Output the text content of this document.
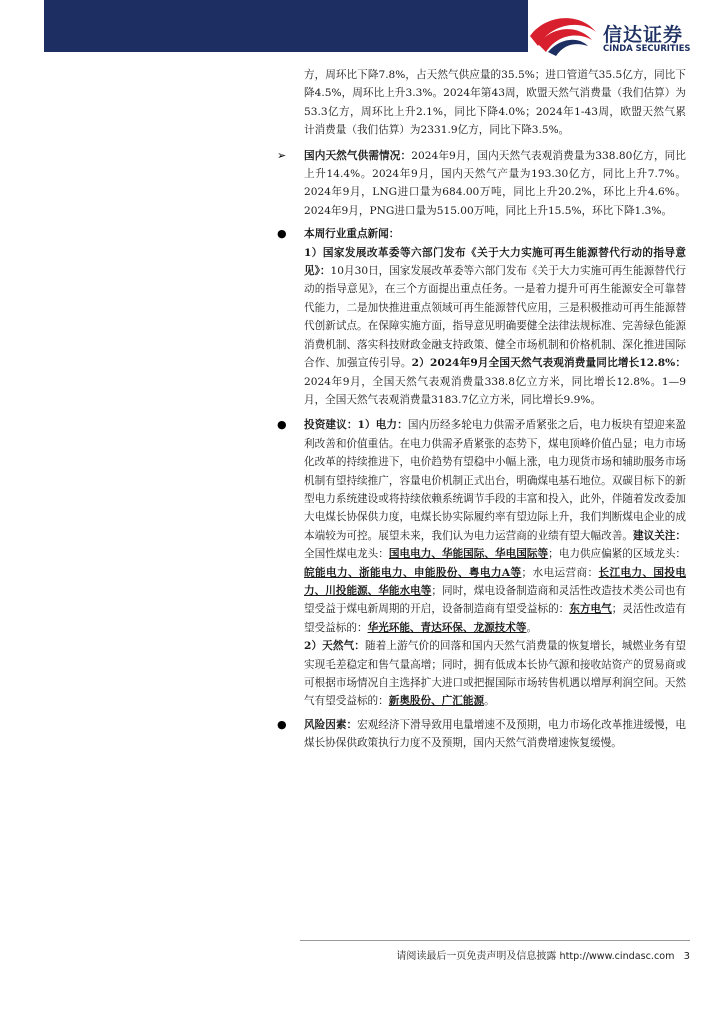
信达证券
CINDA SECURITIES

方，周环比下降7.8%，占天然气供应量的35.5%；进口管道气35.5亿方，同比下降4.5%，周环比上升3.3%。2024年第43周，欧盟天然气消费量（我们估算）为53.3亿方，周环比上升2.1%，同比下降4.0%；2024年1-43周，欧盟天然气累计消费量（我们估算）为2331.9亿方，同比下降3.5%。

➢ 国内天然气供需情况：2024年9月，国内天然气表观消费量为338.80亿方，同比上升14.4%。2024年9月，国内天然气产量为193.30亿方，同比上升7.7%。2024年9月，LNG进口量为684.00万吨，同比上升20.2%，环比上升4.6%。2024年9月，PNG进口量为515.00万吨，同比上升15.5%，环比下降1.3%。
● 本周行业重点新闻：

1）国家发展改革委等六部门发布《关于大力实施可再生能源替代行动的指导意见》：10月30日，国家发展改革委等六部门发布《关于大力实施可再生能源替代行动的指导意见》，在三个方面提出重点任务。一是着力提升可再生能源安全可靠替代能力，二是加快推进重点领域可再生能源替代应用，三是积极推动可再生能源替代创新试点。在保障实施方面，指导意见明确要健全法律法规标准、完善绿色能源消费机制、落实科技财政金融支持政策、健全市场机制和价格机制、深化推进国际合作、加强宣传引导。2）2024年9月全国天然气表观消费量同比增长12.8%：2024年9月，全国天然气表观消费量338.8亿立方米，同比增长12.8%。1—9月，全国天然气表观消费量3183.7亿立方米，同比增长9.9%。

● 投资建议：1）电力：国内历经多轮电力供需矛盾紧张之后，电力板块有望迎来盈利改善和价值重估。在电力供需矛盾紧张的态势下，煤电顶峰价值凸显；电力市场化改革的持续推进下，电价趋势有望稳中小幅上涨，电力现货市场和辅助服务市场机制有望持续推广，容量电价机制正式出台，明确煤电基石地位。双碳目标下的新型电力系统建设或将持续依赖系统调节手段的丰富和投入，此外，伴随着发改委加大电煤长协保供力度，电煤长协实际履约率有望边际上升，我们判断煤电企业的成本端较为可控。展望未来，我们认为电力运营商的业绩有望大幅改善。建议关注：全国性煤电龙头：国电电力、华能国际、华电国际等；电力供应偏紧的区域龙头：皖能电力、浙能电力、申能股份、粤电力A等；水电运营商：长江电力、国投电力、川投能源、华能水电等；同时，煤电设备制造商和灵活性改造技术类公司也有望受益于煤电新周期的开启，设备制造商有望受益标的：东方电气；灵活性改造有望受益标的：华光环能、青达环保、龙源技术等。

2）天然气：随着上游气价的回落和国内天然气消费量的恢复增长，城燃业务有望实现毛差稳定和售气量高增；同时，拥有低成本长协气源和接收站资产的贸易商或可根据市场情况自主选择扩大进口或把握国际市场转售机遇以增厚利润空间。天然气有望受益标的：新奥股份、广汇能源。

● 风险因素：宏观经济下滑导致用电量增速不及预期，电力市场化改革推进缓慢，电煤长协保供政策执行力度不及预期，国内天然气消费增速恢复缓慢。
请阅读最后一页免责声明及信息披露 http://www.cindasc.com 3
